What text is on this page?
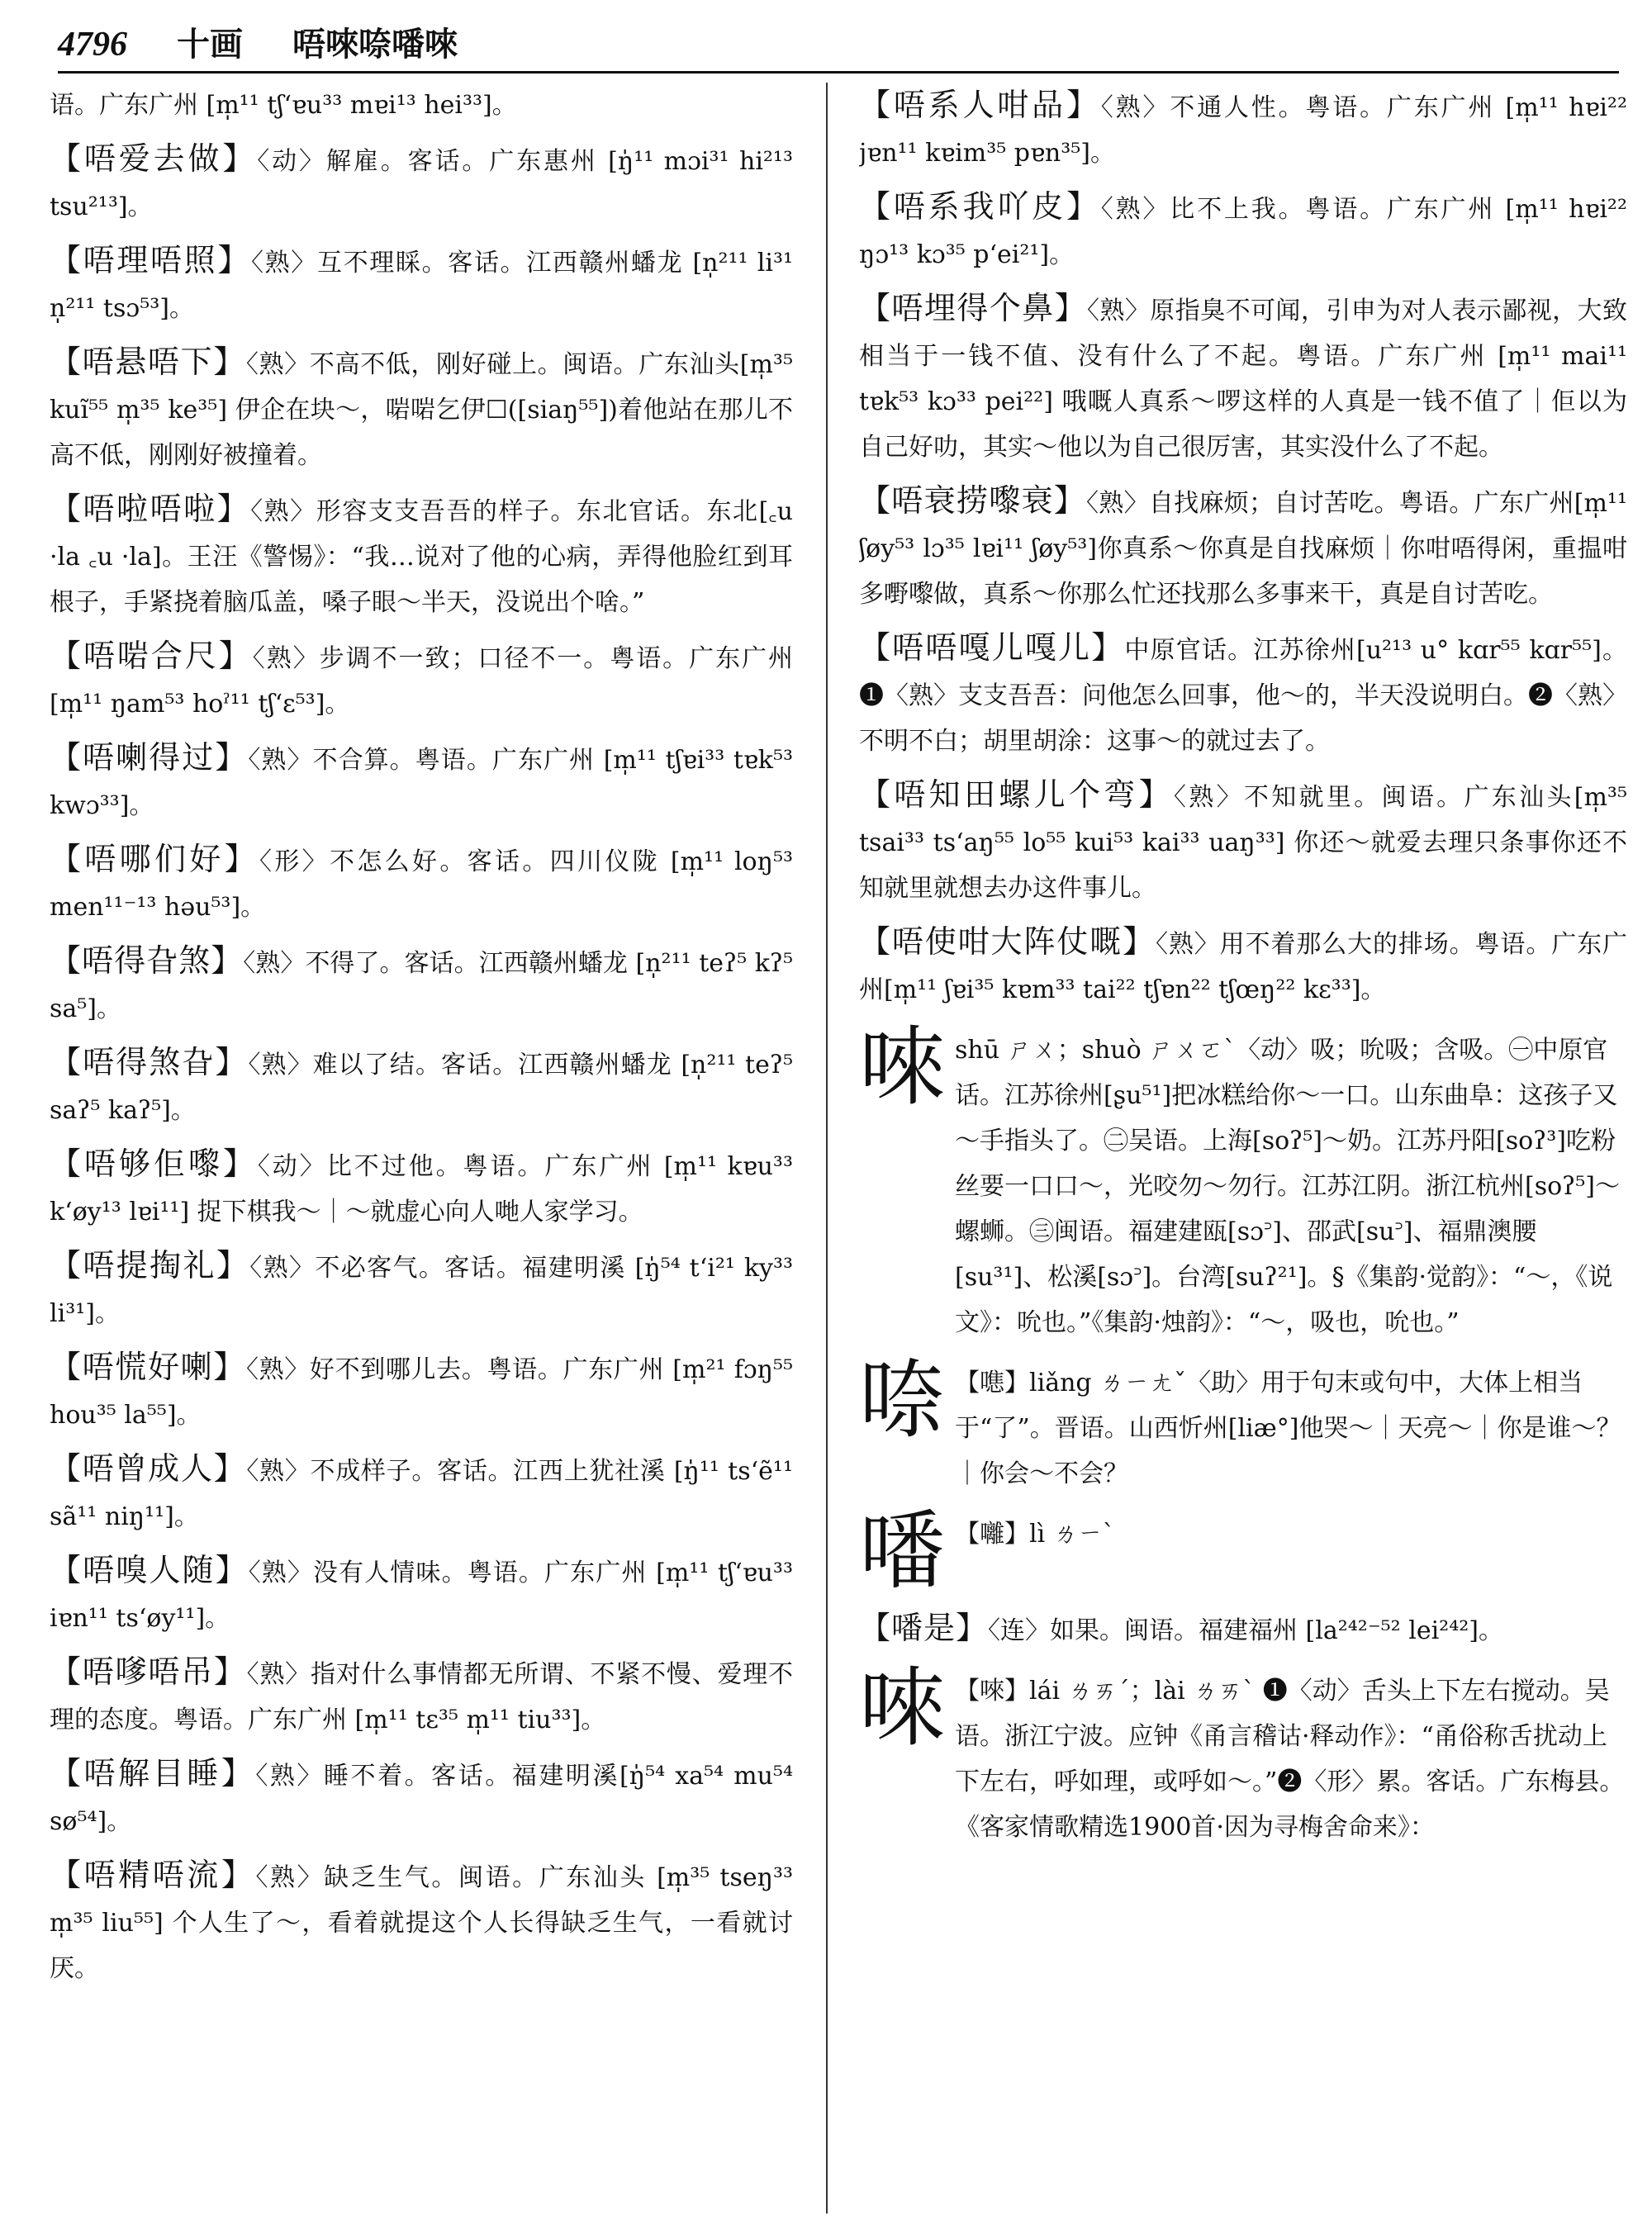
4796 十画 唔唻㖠噃唻

语。广东广州 [m̩¹¹ tʃʻɐu³³ mɐi¹³ hei³³]。

【唔爱去做】〈动〉解雇。客话。广东惠州 [ŋ̍¹¹ mɔi³¹ hi²¹³ tsu²¹³]。

【唔理唔照】〈熟〉互不理睬。客话。江西赣州蟠龙 [n̩²¹¹ li³¹ n̩²¹¹ tsɔ⁵³]。

【唔悬唔下】〈熟〉不高不低，刚好碰上。闽语。广东汕头[m̩³⁵ kuĩ⁵⁵ m̩³⁵ ke³⁵] 伊企在块～，啱啱乞伊☐([siaŋ⁵⁵])着他站在那儿不高不低，刚刚好被撞着。

【唔啦唔啦】〈熟〉形容支支吾吾的样子。东北官话。东北[꜀u ·la ꜀u ·la]。王汪《警惕》：“我…说对了他的心病，弄得他脸红到耳根子，手紧挠着脑瓜盖，嗓子眼～半天，没说出个啥。”

【唔啱合尺】〈熟〉步调不一致；口径不一。粤语。广东广州 [m̩¹¹ ŋam⁵³ hoˀ¹¹ tʃʻɛ⁵³]。

【唔喇得过】〈熟〉不合算。粤语。广东广州 [m̩¹¹ tʃɐi³³ tɐk⁵³ kwɔ³³]。

【唔哪们好】〈形〉不怎么好。客话。四川仪陇 [m̩¹¹ loŋ⁵³ men¹¹⁻¹³ həu⁵³]。

【唔得旮煞】〈熟〉不得了。客话。江西赣州蟠龙 [n̩²¹¹ teʔ⁵ kʔ⁵ sa⁵]。

【唔得煞旮】〈熟〉难以了结。客话。江西赣州蟠龙 [n̩²¹¹ teʔ⁵ saʔ⁵ kaʔ⁵]。

【唔够佢嚟】〈动〉比不过他。粤语。广东广州 [m̩¹¹ kɐu³³ kʻøy¹³ lɐi¹¹] 捉下棋我～｜～就虚心向人哋人家学习。

【唔提掏礼】〈熟〉不必客气。客话。福建明溪 [ŋ̍⁵⁴ tʻi²¹ ky³³ li³¹]。

【唔慌好喇】〈熟〉好不到哪儿去。粤语。广东广州 [m̩²¹ fɔŋ⁵⁵ hou³⁵ la⁵⁵]。

【唔曾成人】〈熟〉不成样子。客话。江西上犹社溪 [ŋ̍¹¹ tsʻẽ¹¹ sã¹¹ niŋ¹¹]。

【唔嗅人随】〈熟〉没有人情味。粤语。广东广州 [m̩¹¹ tʃʻɐu³³ iɐn¹¹ tsʻøy¹¹]。

【唔嗲唔吊】〈熟〉指对什么事情都无所谓、不紧不慢、爱理不理的态度。粤语。广东广州 [m̩¹¹ tɛ³⁵ m̩¹¹ tiu³³]。

【唔解目睡】〈熟〉睡不着。客话。福建明溪[ŋ̍⁵⁴ xa⁵⁴ mu⁵⁴ sø⁵⁴]。

【唔精唔流】〈熟〉缺乏生气。闽语。广东汕头 [m̩³⁵ tseŋ³³ m̩³⁵ liu⁵⁵] 个人生了～，看着就提这个人长得缺乏生气，一看就讨厌。

【唔系人咁品】〈熟〉不通人性。粤语。广东广州 [m̩¹¹ hɐi²² jɐn¹¹ kɐim³⁵ pɐn³⁵]。

【唔系我吖皮】〈熟〉比不上我。粤语。广东广州 [m̩¹¹ hɐi²² ŋɔ¹³ kɔ³⁵ pʻei²¹]。

【唔埋得个鼻】〈熟〉原指臭不可闻，引申为对人表示鄙视，大致相当于一钱不值、没有什么了不起。粤语。广东广州 [m̩¹¹ mai¹¹ tɐk⁵³ kɔ³³ pei²²] 哦嘅人真系～啰这样的人真是一钱不值了｜佢以为自己好叻，其实～他以为自己很厉害，其实没什么了不起。

【唔衰捞嚟衰】〈熟〉自找麻烦；自讨苦吃。粤语。广东广州[m̩¹¹ ʃøy⁵³ lɔ³⁵ lɐi¹¹ ʃøy⁵³]你真系～你真是自找麻烦｜你咁唔得闲，重揾咁多嘢嚟做，真系～你那么忙还找那么多事来干，真是自讨苦吃。

【唔唔嘎儿嘎儿】中原官话。江苏徐州[u²¹³ u° kɑr⁵⁵ kɑr⁵⁵]。❶〈熟〉支支吾吾：问他怎么回事，他～的，半天没说明白。❷〈熟〉不明不白；胡里胡涂：这事～的就过去了。

【唔知田螺儿个弯】〈熟〉不知就里。闽语。广东汕头[m̩³⁵ tsai³³ tsʻaŋ⁵⁵ lo⁵⁵ kui⁵³ kai³³ uaŋ³³] 你还～就爱去理只条事你还不知就里就想去办这件事儿。

【唔使咁大阵仗嘅】〈熟〉用不着那么大的排场。粤语。广东广州[m̩¹¹ ʃɐi³⁵ kɐm³³ tai²² tʃɐn²² tʃœŋ²² kɛ³³]。

唻 shū ㄕㄨ；shuò ㄕㄨㄛˋ〈动〉吸；吮吸；含吸。㊀中原官话。江苏徐州[ʂu⁵¹]把冰糕给你～一口。山东曲阜：这孩子又～手指头了。㊁吴语。上海[soʔ⁵]～奶。江苏丹阳[soʔ³]吃粉丝要一口口～，光咬勿～勿行。江苏江阴。浙江杭州[soʔ⁵]～螺蛳。㊂闽语。福建建瓯[sɔ꜄]、邵武[su꜄]、福鼎澳腰[su³¹]、松溪[sɔ꜄]。台湾[suʔ²¹]。§《集韵·觉韵》：“～，《说文》：吮也。”《集韵·烛韵》：“～，吸也，吮也。”
㖠 【㗹】liǎng ㄌㄧㄤˇ〈助〉用于句末或句中，大体上相当于“了”。晋语。山西忻州[liæ°]他哭～｜天亮～｜你是谁～？｜你会～不会？
噃 【囄】lì ㄌㄧˋ

【噃是】〈连〉如果。闽语。福建福州 [la²⁴²⁻⁵² lei²⁴²]。

唻 【唻】lái ㄌㄞˊ；lài ㄌㄞˋ ❶〈动〉舌头上下左右搅动。吴语。浙江宁波。应钟《甬言稽诂·释动作》：“甬俗称舌扰动上下左右，呼如理，或呼如～。”❷〈形〉累。客话。广东梅县。《客家情歌精选1900首·因为寻梅舍命来》：
